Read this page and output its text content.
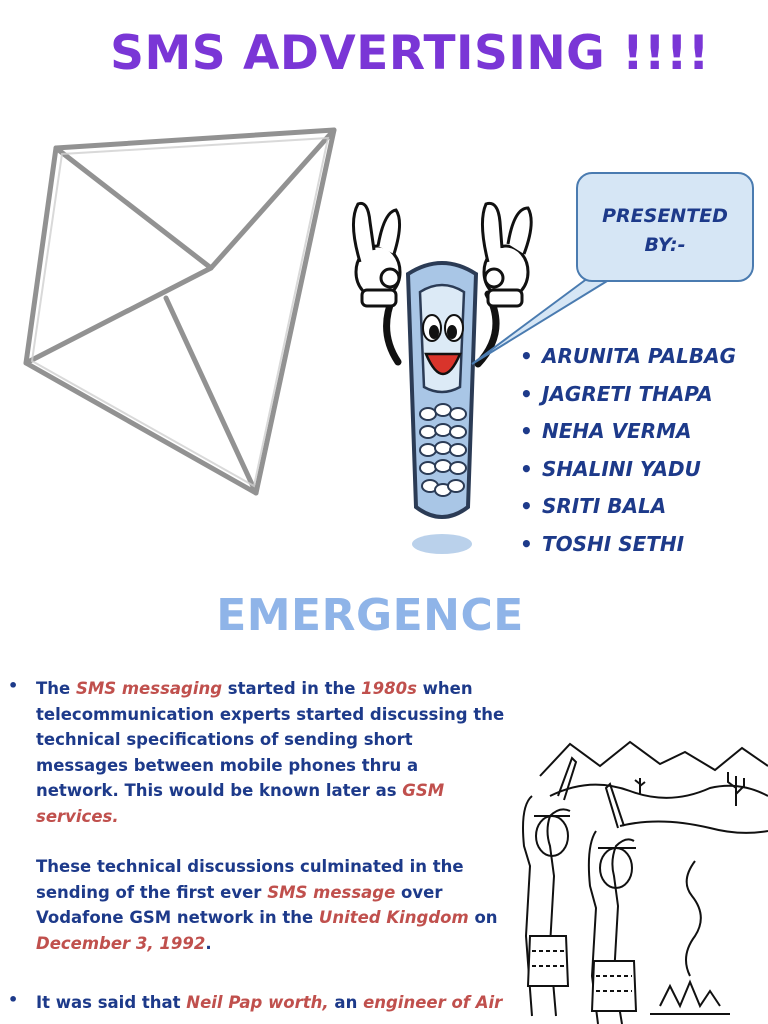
SMS ADVERTISING !!!!
PRESENTED
BY:-
• ARUNITA PALBAG
• JAGRETI THAPA
• NEHA VERMA
• SHALINI YADU
• SRITI BALA
• TOSHI SETHI
EMERGENCE
• The SMS messaging started in the 1980s when telecommunication experts started discussing the technical specifications of sending short messages between mobile phones thru a network. This would be known later as GSM services.
These technical discussions culminated in the sending of the first ever SMS message over Vodafone GSM network in the United Kingdom on December 3, 1992.
• It was said that Neil Pap worth, an engineer of Air
